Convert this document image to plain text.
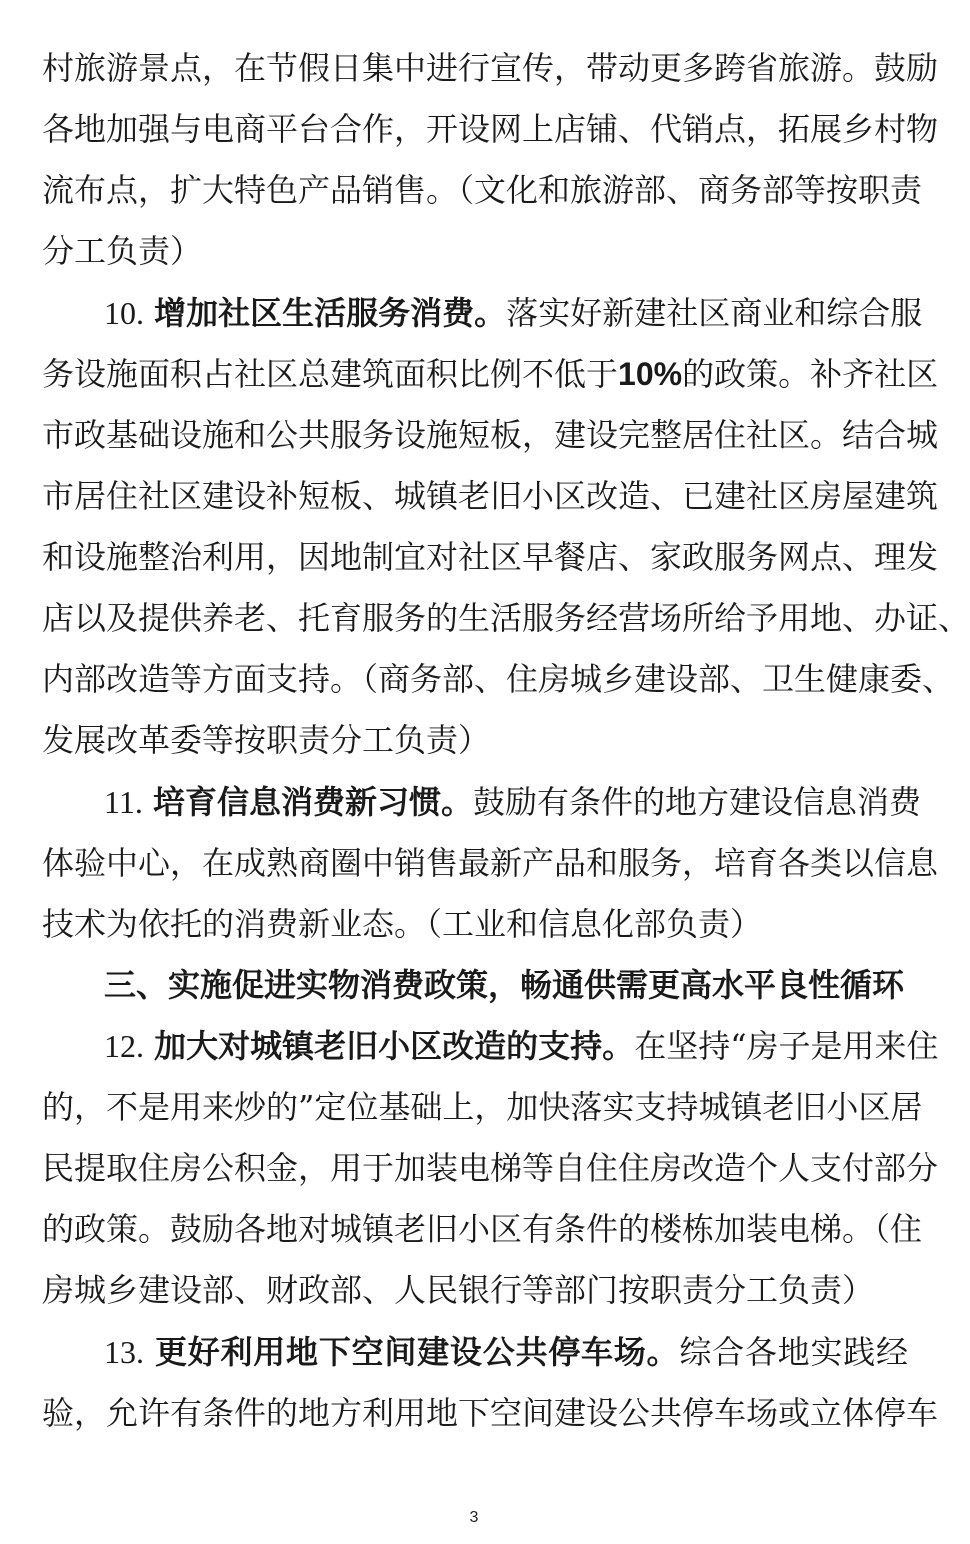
村旅游景点，在节假日集中进行宣传，带动更多跨省旅游。鼓励
各地加强与电商平台合作，开设网上店铺、代销点，拓展乡村物
流布点，扩大特色产品销售。（文化和旅游部、商务部等按职责
分工负责）
10. 增加社区生活服务消费。落实好新建社区商业和综合服
务设施面积占社区总建筑面积比例不低于10%的政策。补齐社区
市政基础设施和公共服务设施短板，建设完整居住社区。结合城
市居住社区建设补短板、城镇老旧小区改造、已建社区房屋建筑
和设施整治利用，因地制宜对社区早餐店、家政服务网点、理发
店以及提供养老、托育服务的生活服务经营场所给予用地、办证、
内部改造等方面支持。（商务部、住房城乡建设部、卫生健康委、
发展改革委等按职责分工负责）
11. 培育信息消费新习惯。鼓励有条件的地方建设信息消费
体验中心，在成熟商圈中销售最新产品和服务，培育各类以信息
技术为依托的消费新业态。（工业和信息化部负责）
三、实施促进实物消费政策，畅通供需更高水平良性循环
12. 加大对城镇老旧小区改造的支持。在坚持“房子是用来住
的，不是用来炒的”定位基础上，加快落实支持城镇老旧小区居
民提取住房公积金，用于加装电梯等自住住房改造个人支付部分
的政策。鼓励各地对城镇老旧小区有条件的楼栋加装电梯。（住
房城乡建设部、财政部、人民银行等部门按职责分工负责）
13. 更好利用地下空间建设公共停车场。综合各地实践经
验，允许有条件的地方利用地下空间建设公共停车场或立体停车
3
